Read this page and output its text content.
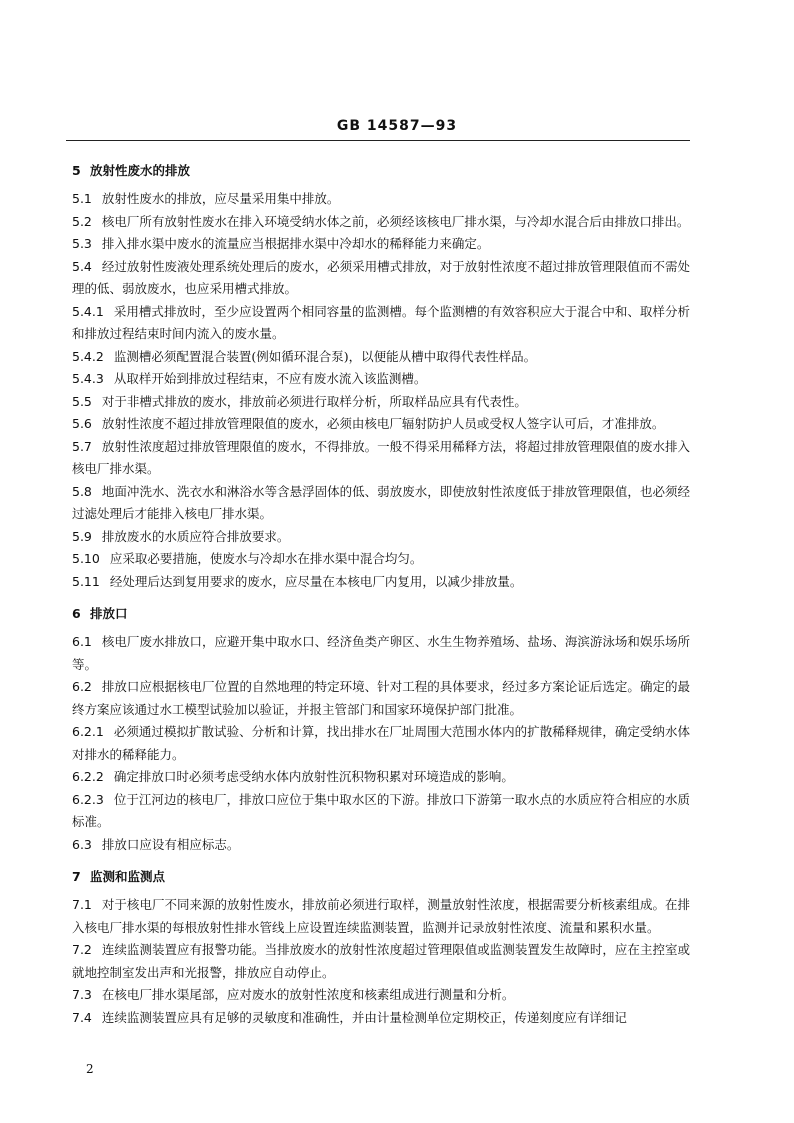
GB 14587—93
5 放射性废水的排放

5.1 放射性废水的排放，应尽量采用集中排放。

5.2 核电厂所有放射性废水在排入环境受纳水体之前，必须经该核电厂排水渠，与冷却水混合后由排放口排出。

5.3 排入排水渠中废水的流量应当根据排水渠中冷却水的稀释能力来确定。

5.4 经过放射性废液处理系统处理后的废水，必须采用槽式排放，对于放射性浓度不超过排放管理限值而不需处理的低、弱放废水，也应采用槽式排放。

5.4.1 采用槽式排放时，至少应设置两个相同容量的监测槽。每个监测槽的有效容积应大于混合中和、取样分析和排放过程结束时间内流入的废水量。

5.4.2 监测槽必须配置混合装置(例如循环混合泵)，以便能从槽中取得代表性样品。

5.4.3 从取样开始到排放过程结束，不应有废水流入该监测槽。

5.5 对于非槽式排放的废水，排放前必须进行取样分析，所取样品应具有代表性。

5.6 放射性浓度不超过排放管理限值的废水，必须由核电厂辐射防护人员或受权人签字认可后，才准排放。

5.7 放射性浓度超过排放管理限值的废水，不得排放。一般不得采用稀释方法，将超过排放管理限值的废水排入核电厂排水渠。

5.8 地面冲洗水、洗衣水和淋浴水等含悬浮固体的低、弱放废水，即使放射性浓度低于排放管理限值，也必须经过滤处理后才能排入核电厂排水渠。

5.9 排放废水的水质应符合排放要求。

5.10 应采取必要措施，使废水与冷却水在排水渠中混合均匀。

5.11 经处理后达到复用要求的废水，应尽量在本核电厂内复用，以减少排放量。

6 排放口

6.1 核电厂废水排放口，应避开集中取水口、经济鱼类产卵区、水生生物养殖场、盐场、海滨游泳场和娱乐场所等。

6.2 排放口应根据核电厂位置的自然地理的特定环境、针对工程的具体要求，经过多方案论证后选定。确定的最终方案应该通过水工模型试验加以验证，并报主管部门和国家环境保护部门批准。

6.2.1 必须通过模拟扩散试验、分析和计算，找出排水在厂址周围大范围水体内的扩散稀释规律，确定受纳水体对排水的稀释能力。

6.2.2 确定排放口时必须考虑受纳水体内放射性沉积物积累对环境造成的影响。

6.2.3 位于江河边的核电厂，排放口应位于集中取水区的下游。排放口下游第一取水点的水质应符合相应的水质标准。

6.3 排放口应设有相应标志。

7 监测和监测点

7.1 对于核电厂不同来源的放射性废水，排放前必须进行取样，测量放射性浓度，根据需要分析核素组成。在排入核电厂排水渠的每根放射性排水管线上应设置连续监测装置，监测并记录放射性浓度、流量和累积水量。

7.2 连续监测装置应有报警功能。当排放废水的放射性浓度超过管理限值或监测装置发生故障时，应在主控室或就地控制室发出声和光报警，排放应自动停止。

7.3 在核电厂排水渠尾部，应对废水的放射性浓度和核素组成进行测量和分析。

7.4 连续监测装置应具有足够的灵敏度和准确性，并由计量检测单位定期校正，传递刻度应有详细记

2
